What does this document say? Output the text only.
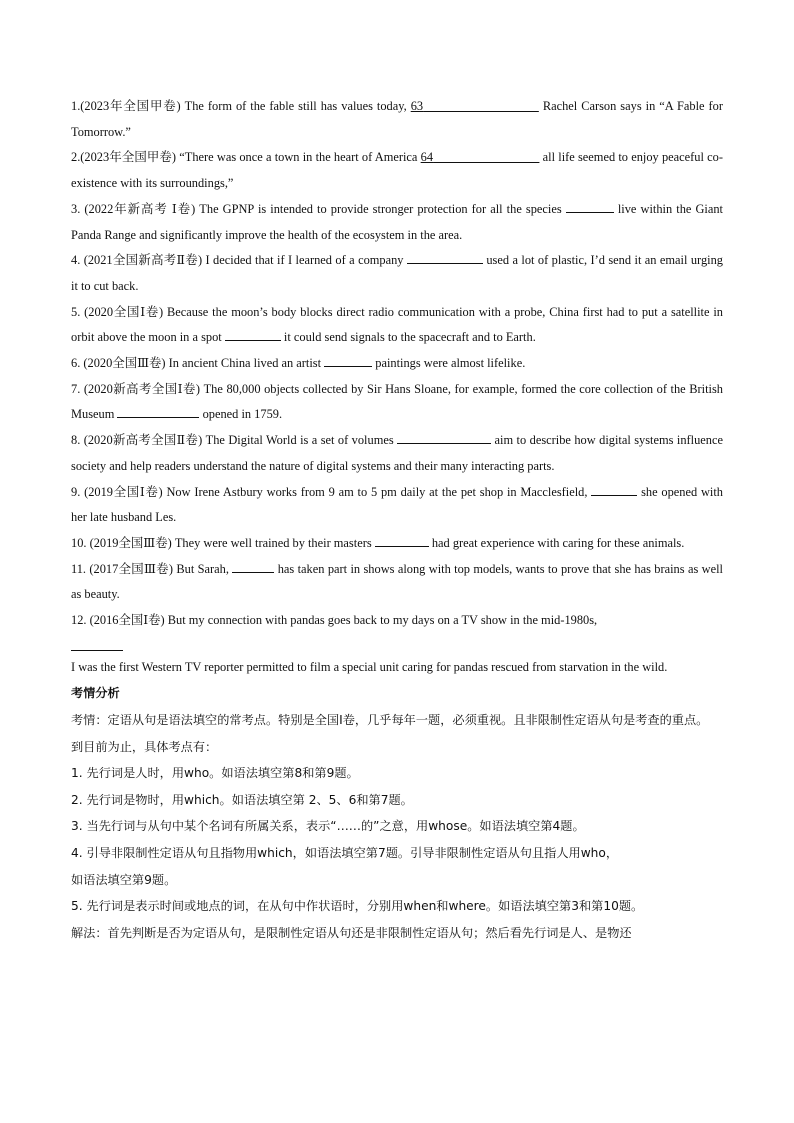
1.(2023年全国甲卷) The form of the fable still has values today, 63	Rachel Carson says in “A Fable for Tomorrow.”

2.(2023年全国甲卷) “There was once a town in the heart of America 64	all life seemed to enjoy peaceful co-existence with its surroundings,”

3. (2022年新高考 Ⅰ卷) The GPNP is intended to provide stronger protection for all the species	live within the Giant Panda Range and significantly improve the health of the ecosystem in the area.

4. (2021全国新高考Ⅱ卷) I decided that if I learned of a company	used a lot of plastic, I’d send it an email urging it to cut back.

5. (2020全国Ⅰ卷) Because the moon’s body blocks direct radio communication with a probe, China first had to put a satellite in orbit above the moon in a spot	it could send signals to the spacecraft and to Earth.

6. (2020全国Ⅲ卷) In ancient China lived an artist	paintings were almost lifelike.

7. (2020新高考全国Ⅰ卷) The 80,000 objects collected by Sir Hans Sloane, for example, formed the core collection of the British Museum	opened in 1759.

8. (2020新高考全国Ⅱ卷) The Digital World is a set of volumes	aim to describe how digital systems influence society and help readers understand the nature of digital systems and their many interacting parts.

9. (2019全国Ⅰ卷) Now Irene Astbury works from 9 am to 5 pm daily at the pet shop in Macclesfield,	she opened with her late husband Les.

10. (2019全国Ⅲ卷) They were well trained by their masters	had great experience with caring for these animals.

11. (2017全国Ⅲ卷) But Sarah,	has taken part in shows along with top models, wants to prove that she has brains as well as beauty.

12. (2016全国Ⅰ卷) But my connection with pandas goes back to my days on a TV show in the mid-1980s,

I was the first Western TV reporter permitted to film a special unit caring for pandas rescued from starvation in the wild.

考情分析

考情：定语从句是语法填空的常考点。特别是全国Ⅰ卷，几乎每年一题，必须重视。且非限制性定语从句是考查的重点。

到目前为止，具体考点有：

1. 先行词是人时，用who。如语法填空第8和第9题。

2. 先行词是物时，用which。如语法填空第 2、5、6和第7题。

3. 当先行词与从句中某个名词有所属关系，表示“……的”之意，用whose。如语法填空第4题。

4. 引导非限制性定语从句且指物用which，如语法填空第7题。引导非限制性定语从句且指人用who，

如语法填空第9题。

5. 先行词是表示时间或地点的词，在从句中作状语时，分别用when和where。如语法填空第3和第10题。

解法：首先判断是否为定语从句，是限制性定语从句还是非限制性定语从句；然后看先行词是人、是物还
